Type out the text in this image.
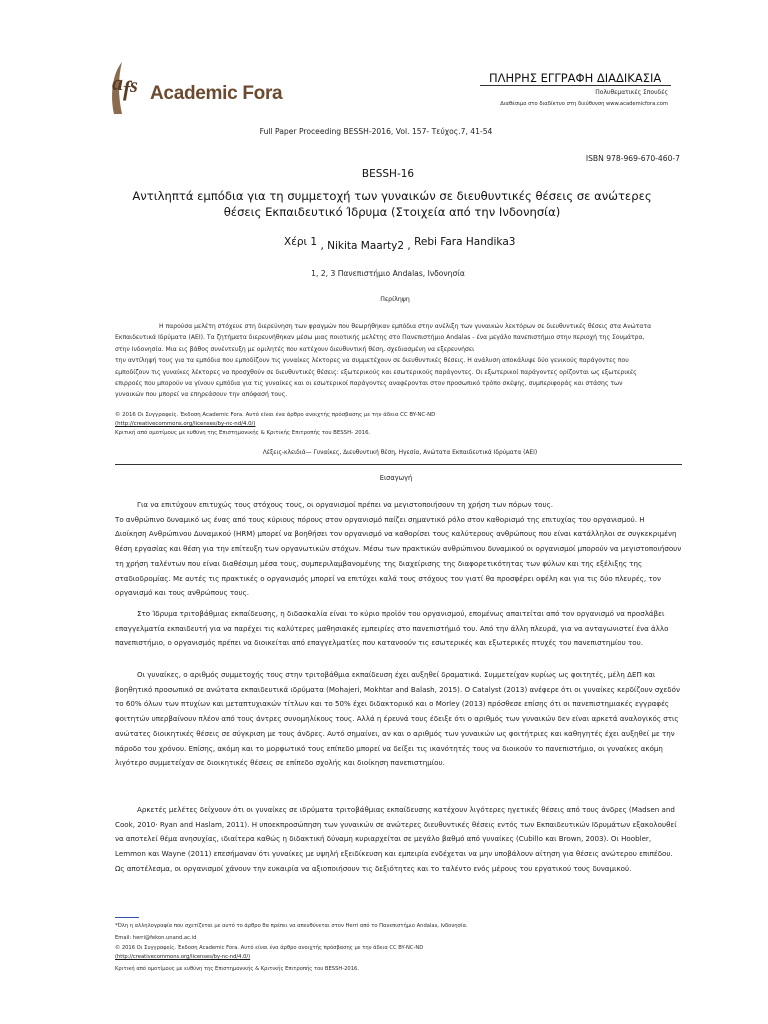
a f s Academic Fora
ΠΛΗΡΗΣ ΕΓΓΡΑΦΗ ΔΙΑΔΙΚΑΣΙΑ
Πολυθεματικές Σπουδές
Διαθέσιμο στο διαδίκτυο στη διεύθυνση www.academicfora.com
Full Paper Proceeding BESSH-2016, Vol. 157- Τεύχος.7, 41-54
ISBN 978-969-670-460-7
BESSH-16
Αντιληπτά εμπόδια για τη συμμετοχή των γυναικών σε διευθυντικές θέσεις σε ανώτερες θέσεις Εκπαιδευτικό Ίδρυμα (Στοιχεία από την Ινδονησία)
Χέρι 1 , Nikita Maarty2 , Rebi Fara Handika3
1, 2, 3 Πανεπιστήμιο Andalas, Ινδονησία
Περίληψη

Η παρούσα μελέτη στόχευε στη διερεύνηση των φραγμών που θεωρήθηκαν εμπόδια στην ανέλιξη των γυναικών λεκτόρων σε διευθυντικές θέσεις στα Ανώτατα

Εκπαιδευτικά Ιδρύματα (ΑΕΙ). Τα ζητήματα διερευνήθηκαν μέσω μιας ποιοτικής μελέτης στο Πανεπιστήμιο Andalas - ένα μεγάλο πανεπιστήμιο στην περιοχή της Σουμάτρα,

στην Ινδονησία. Μια εις βάθος συνέντευξη με ομιλητές που κατέχουν διευθυντική θέση, σχεδιασμένη να εξερευνήσει

την αντίληψή τους για τα εμπόδια που εμποδίζουν τις γυναίκες λέκτορες να συμμετέχουν σε διευθυντικές θέσεις. Η ανάλυση αποκάλυψε δύο γενικούς παράγοντες που

εμποδίζουν τις γυναίκες λέκτορες να προσχθούν σε διευθυντικές θέσεις: εξωτερικούς και εσωτερικούς παράγοντες. Οι εξωτερικοί παράγοντες ορίζονται ως εξωτερικές

επιρροές που μπορούν να γίνουν εμπόδια για τις γυναίκες και οι εσωτερικοί παράγοντες αναφέρονται στον προσωπικό τρόπο σκέψης, συμπεριφοράς και στάσης των

γυναικών που μπορεί να επηρεάσουν την απόφασή τους.

© 2016 Οι Συγγραφείς. Έκδοση Academic Fora. Αυτό είναι ένα άρθρο ανοιχτής πρόσβασης με την άδεια CC BY-NC-ND

(http://creativecommons.org/licenses/by-nc-nd/4.0/)

Κριτική από ομοτίμους με ευθύνη της Επιστημονικής & Κριτικής Επιτροπής του BESSH- 2016.

Λέξεις-κλειδιά— Γυναίκες, Διευθυντική θέση, Ηγεσία, Ανώτατα Εκπαιδευτικά Ιδρύματα (ΑΕΙ)
Εισαγωγή

Για να επιτύχουν επιτυχώς τους στόχους τους, οι οργανισμοί πρέπει να μεγιστοποιήσουν τη χρήση των πόρων τους.

Το ανθρώπινο δυναμικό ως ένας από τους κύριους πόρους στον οργανισμό παίζει σημαντικό ρόλο στον καθορισμό της επιτυχίας του οργανισμού. Η

Διοίκηση Ανθρώπινου Δυναμικού (HRM) μπορεί να βοηθήσει τον οργανισμό να καθορίσει τους καλύτερους ανθρώπους που είναι κατάλληλοι σε συγκεκριμένη

θέση εργασίας και θέση για την επίτευξη των οργανωτικών στόχων. Μέσω των πρακτικών ανθρώπινου δυναμικού οι οργανισμοί μπορούν να μεγιστοποιήσουν

τη χρήση ταλέντων που είναι διαθέσιμη μέσα τους, συμπεριλαμβανομένης της διαχείρισης της διαφορετικότητας των φύλων και της εξέλιξης της

σταδιοδρομίας. Με αυτές τις πρακτικές ο οργανισμός μπορεί να επιτύχει καλά τους στόχους του γιατί θα προσφέρει οφέλη και για τις δύο πλευρές, τον

οργανισμό και τους ανθρώπους τους.

Στο Ίδρυμα τριτοβάθμιας εκπαίδευσης, η διδασκαλία είναι το κύριο προϊόν του οργανισμού, επομένως απαιτείται από τον οργανισμό να προσλάβει

επαγγελματία εκπαιδευτή για να παρέχει τις καλύτερες μαθησιακές εμπειρίες στο πανεπιστήμιό του. Από την άλλη πλευρά, για να ανταγωνιστεί ένα άλλο

πανεπιστήμιο, ο οργανισμός πρέπει να διοικείται από επαγγελματίες που κατανοούν τις εσωτερικές και εξωτερικές πτυχές του πανεπιστημίου του.

Οι γυναίκες, ο αριθμός συμμετοχής τους στην τριτοβάθμια εκπαίδευση έχει αυξηθεί δραματικά. Συμμετείχαν κυρίως ως φοιτητές, μέλη ΔΕΠ και

βοηθητικό προσωπικό σε ανώτατα εκπαιδευτικά ιδρύματα (Mohajeri, Mokhtar and Balash, 2015). Ο Catalyst (2013) ανέφερε ότι οι γυναίκες κερδίζουν σχεδόν

το 60% όλων των πτυχίων και μεταπτυχιακών τίτλων και το 50% έχει διδακτορικό και ο Morley (2013) πρόσθεσε επίσης ότι οι πανεπιστημιακές εγγραφές

φοιτητών υπερβαίνουν πλέον από τους άντρες συνομηλίκους τους. Αλλά η έρευνά τους έδειξε ότι ο αριθμός των γυναικών δεν είναι αρκετά αναλογικός στις

ανώτατες διοικητικές θέσεις σε σύγκριση με τους άνδρες. Αυτό σημαίνει, αν και ο αριθμός των γυναικών ως φοιτήτριες και καθηγητές έχει αυξηθεί με την

πάροδο του χρόνου. Επίσης, ακόμη και το μορφωτικό τους επίπεδο μπορεί να δείξει τις ικανότητές τους να διοικούν το πανεπιστήμιο, οι γυναίκες ακόμη

λιγότερο συμμετείχαν σε διοικητικές θέσεις σε επίπεδο σχολής και διοίκηση πανεπιστημίου.

Αρκετές μελέτες δείχνουν ότι οι γυναίκες σε ιδρύματα τριτοβάθμιας εκπαίδευσης κατέχουν λιγότερες ηγετικές θέσεις από τους άνδρες (Madsen and

Cook, 2010· Ryan and Haslam, 2011). Η υποεκπροσώπηση των γυναικών σε ανώτερες διευθυντικές θέσεις εντός των Εκπαιδευτικών Ιδρυμάτων εξακολουθεί

να αποτελεί θέμα ανησυχίας, ιδιαίτερα καθώς η διδακτική δύναμη κυριαρχείται σε μεγάλο βαθμό από γυναίκες (Cubillo και Brown, 2003). Οι Hoobler,

Lemmon και Wayne (2011) επεσήμαναν ότι γυναίκες με υψηλή εξειδίκευση και εμπειρία ενδέχεται να μην υποβάλουν αίτηση για θέσεις ανώτερου επιπέδου.

Ως αποτέλεσμα, οι οργανισμοί χάνουν την ευκαιρία να αξιοποιήσουν τις δεξιότητες και το ταλέντο ενός μέρους του εργατικού τους δυναμικού.

*Όλη η αλληλογραφία που σχετίζεται με αυτό το άρθρο θα πρέπει να απευθύνεται στον Herri από το Πανεπιστήμιο Andalas, Ινδονησία.
Email: herri@fekon.unand.ac.id
© 2016 Οι Συγγραφείς. Έκδοση Academic Fora. Αυτό είναι ένα άρθρο ανοιχτής πρόσβασης με την άδεια CC BY-NC-ND
(http://creativecommons.org/licenses/by-nc-nd/4.0/)
Κριτική από ομοτίμους με ευθύνη της Επιστημονικής & Κριτικής Επιτροπής του BESSH-2016.
